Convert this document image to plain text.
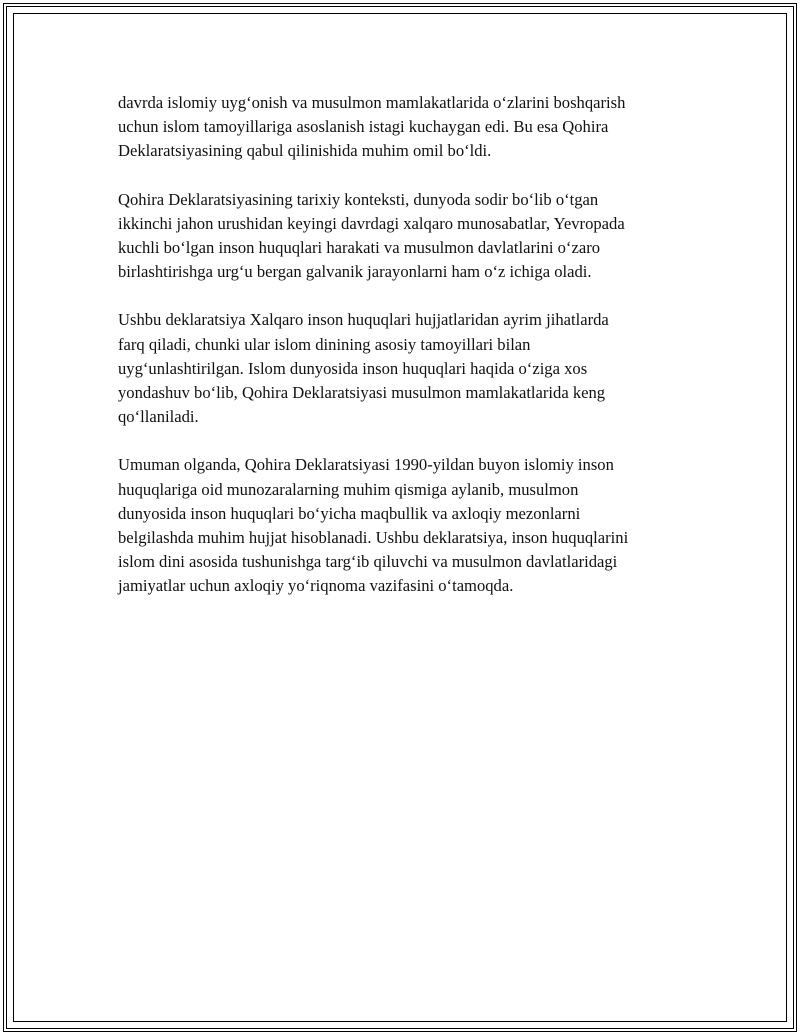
davrda islomiy uyg‘onish va musulmon mamlakatlarida o‘zlarini boshqarish
uchun islom tamoyillariga asoslanish istagi kuchaygan edi. Bu esa Qohira
Deklaratsiyasining qabul qilinishida muhim omil bo‘ldi.

Qohira Deklaratsiyasining tarixiy konteksti, dunyoda sodir bo‘lib o‘tgan
ikkinchi jahon urushidan keyingi davrdagi xalqaro munosabatlar, Yevropada
kuchli bo‘lgan inson huquqlari harakati va musulmon davlatlarini o‘zaro
birlashtirishga urg‘u bergan galvanik jarayonlarni ham o‘z ichiga oladi.

Ushbu deklaratsiya Xalqaro inson huquqlari hujjatlaridan ayrim jihatlarda
farq qiladi, chunki ular islom dinining asosiy tamoyillari bilan
uyg‘unlashtirilgan. Islom dunyosida inson huquqlari haqida o‘ziga xos
yondashuv bo‘lib, Qohira Deklaratsiyasi musulmon mamlakatlarida keng
qo‘llaniladi.

Umuman olganda, Qohira Deklaratsiyasi 1990-yildan buyon islomiy inson
huquqlariga oid munozaralarning muhim qismiga aylanib, musulmon
dunyosida inson huquqlari bo‘yicha maqbullik va axloqiy mezonlarni
belgilashda muhim hujjat hisoblanadi. Ushbu deklaratsiya, inson huquqlarini
islom dini asosida tushunishga targ‘ib qiluvchi va musulmon davlatlaridagi
jamiyatlar uchun axloqiy yo‘riqnoma vazifasini o‘tamoqda.
